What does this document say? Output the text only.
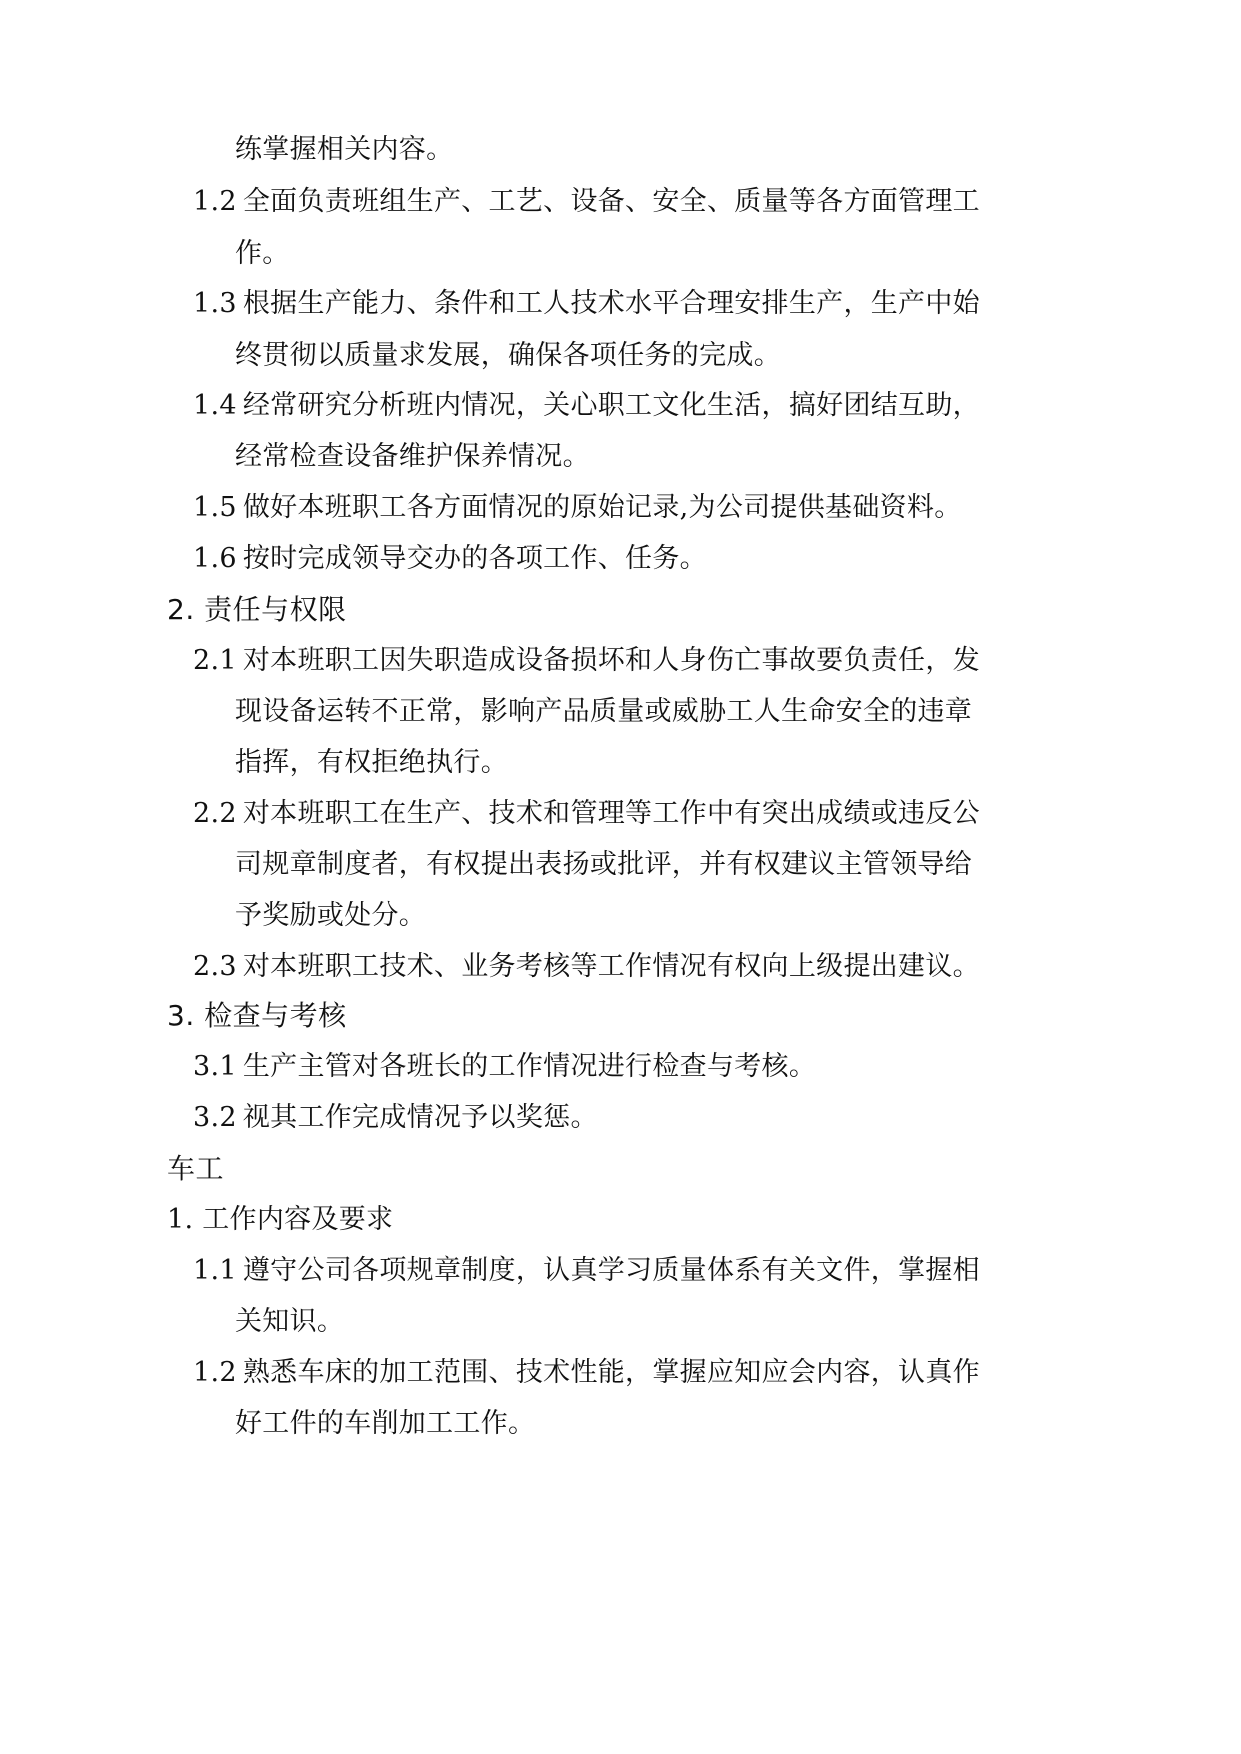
练掌握相关内容。
1.2 全面负责班组生产、工艺、设备、安全、质量等各方面管理工
作。
1.3 根据生产能力、条件和工人技术水平合理安排生产，生产中始
终贯彻以质量求发展，确保各项任务的完成。
1.4 经常研究分析班内情况，关心职工文化生活，搞好团结互助，
经常检查设备维护保养情况。
1.5 做好本班职工各方面情况的原始记录,为公司提供基础资料。
1.6 按时完成领导交办的各项工作、任务。
2. 责任与权限
2.1 对本班职工因失职造成设备损坏和人身伤亡事故要负责任，发
现设备运转不正常，影响产品质量或威胁工人生命安全的违章
指挥，有权拒绝执行。
2.2 对本班职工在生产、技术和管理等工作中有突出成绩或违反公
司规章制度者，有权提出表扬或批评，并有权建议主管领导给
予奖励或处分。
2.3 对本班职工技术、业务考核等工作情况有权向上级提出建议。
3. 检查与考核
3.1 生产主管对各班长的工作情况进行检查与考核。
3.2 视其工作完成情况予以奖惩。
车工
1. 工作内容及要求
1.1 遵守公司各项规章制度，认真学习质量体系有关文件，掌握相
关知识。
1.2 熟悉车床的加工范围、技术性能，掌握应知应会内容，认真作
好工件的车削加工工作。
